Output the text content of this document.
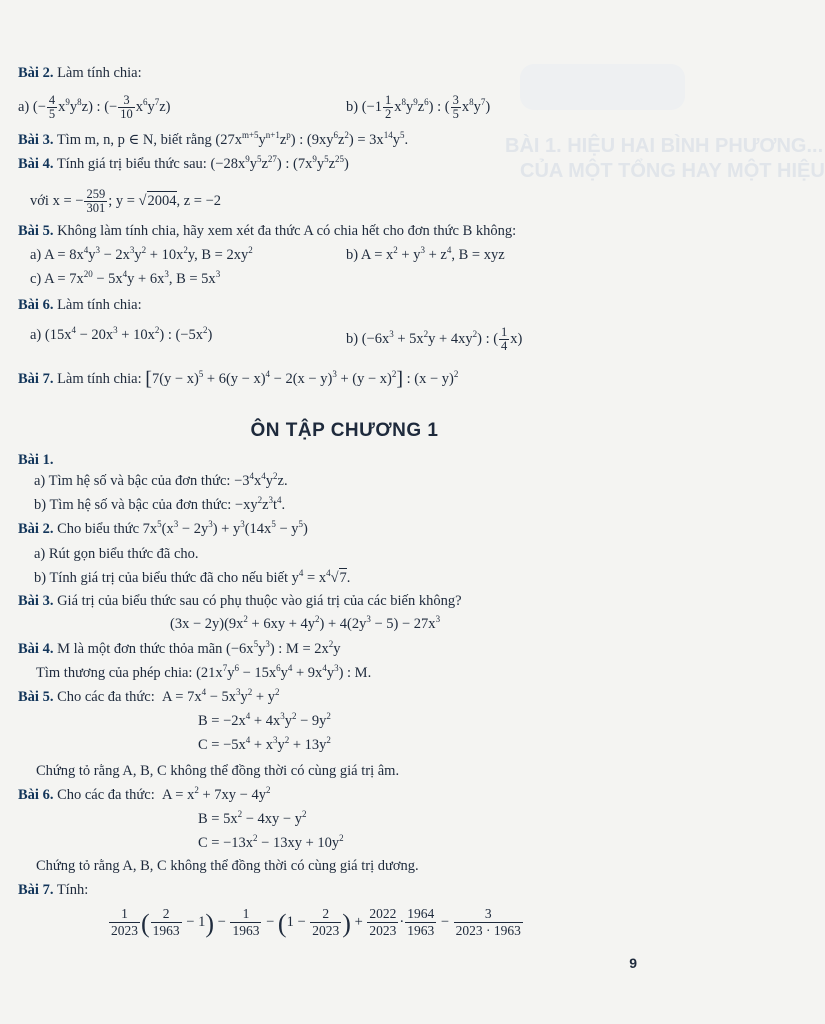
BÀI 1. HIỆU HAI BÌNH PHƯƠNG...
CỦA MỘT TỔNG HAY MỘT HIỆU
Bài 2. Làm tính chia:
a) (− $\frac{4}{5} x^9y^8z$) : (− $\frac{3}{10} x^6y^7z$)	b) $(-1 \frac{1}{2} x^8y^9z^6)$ : ( $\frac{3}{5} x^8y^7$)
Bài 3. Tìm m, n, p ∈ N, biết rằng $(27x^{m+5}y^{n+1}z^p)$ : $(9xy^6z^2) = 3x^{14}y^5$.
Bài 4. Tính giá trị biểu thức sau: $(-28x^9y^5z^{27})$ : $(7x^9y^5z^{25})$
với x = − $\frac{259}{301}$ ; y = √2004, z = −2
Bài 5. Không làm tính chia, hãy xem xét đa thức A có chia hết cho đơn thức B không:
a) $A = 8x^4y^3 - 2x^3y^2 + 10x^2y$, $B = 2xy^2$	b) $A = x^2 + y^3 + z^4$, B = xyz
c) $A = 7x^{20} - 5x^4y + 6x^3$, $B = 5x^3$
Bài 6. Làm tính chia:
a) $(15x^4 - 20x^3 + 10x^2)$ : $(-5x^2)$	b) $(-6x^3 + 5x^2y + 4xy^2)$ : ( $\frac{1}{4} x$)
Bài 7. Làm tính chia: $[7(y - x)^5 + 6(y - x)^4 - 2(x - y)^3 + (y - x)^2]$ : $(x - y)^2$
ÔN TẬP CHƯƠNG 1
Bài 1.
a) Tìm hệ số và bậc của đơn thức: $-3^4x^4y^2z$.
b) Tìm hệ số và bậc của đơn thức: $-xy^2z^3t^4$.
Bài 2. Cho biểu thức $7x^5(x^3 - 2y^3) + y^3(14x^5 - y^5)$
a) Rút gọn biểu thức đã cho.
b) Tính giá trị của biểu thức đã cho nếu biết $y^4 = x^4√7$.
Bài 3. Giá trị của biểu thức sau có phụ thuộc vào giá trị của các biến không?
$(3x - 2y)(9x^2 + 6xy + 4y^2) + 4(2y^3 - 5) - 27x^3$
Bài 4. M là một đơn thức thỏa mãn $(-6x^5y^3)$ : $M = 2x^2y$
Tìm thương của phép chia: $(21x^7y^6 - 15x^6y^4 + 9x^4y^3)$ : M.
Bài 5. Cho các đa thức:  $A = 7x^4 - 5x^3y^2 + y^2$
$B = -2x^4 + 4x^3y^2 - 9y^2$
$C = -5x^4 + x^3y^2 + 13y^2$
Chứng tỏ rằng A, B, C không thể đồng thời có cùng giá trị âm.
Bài 6. Cho các đa thức:  $A = x^2 + 7xy - 4y^2$
$B = 5x^2 - 4xy - y^2$
$C = -13x^2 - 13xy + 10y^2$
Chứng tỏ rằng A, B, C không thể đồng thời có cùng giá trị dương.
Bài 7. Tính:
$\frac{1}{2023}$ ( $\frac{2}{1963} - 1) - \frac{1}{1963} - (1 - \frac{2}{2023}$ ) + $\frac{2022}{2023} \cdot \frac{1964}{1963} - \frac{3}{2023 \cdot 1963}$
9
